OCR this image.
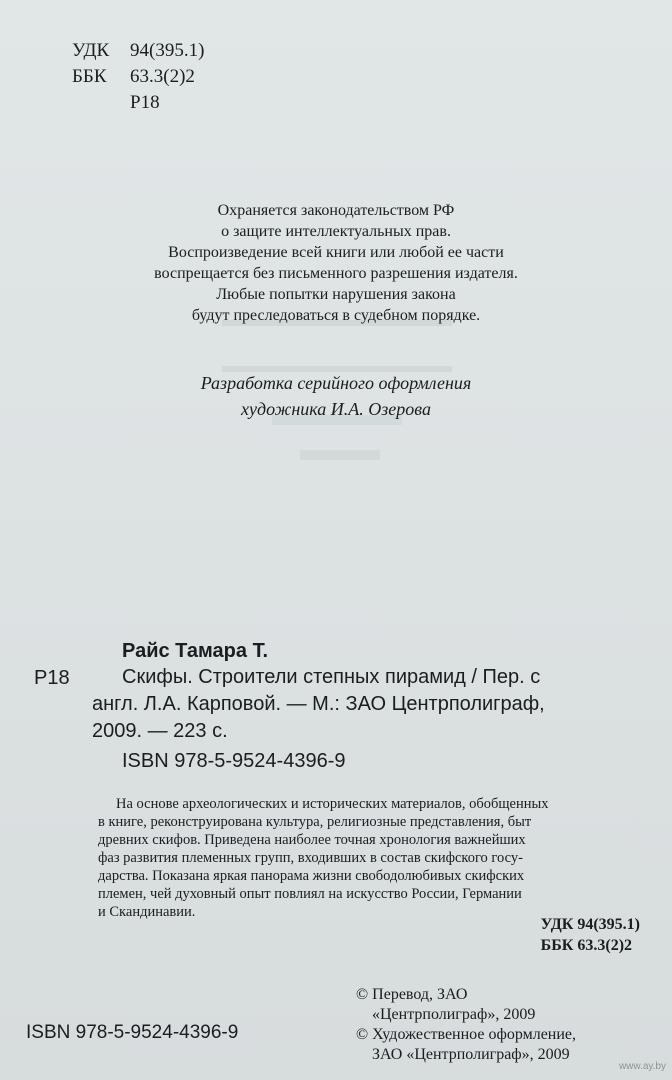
УДК 94(395.1)
ББК 63.3(2)2
Р18
Охраняется законодательством РФ
о защите интеллектуальных прав.
Воспроизведение всей книги или любой ее части
воспрещается без письменного разрешения издателя.
Любые попытки нарушения закона
будут преследоваться в судебном порядке.
Разработка серийного оформления
художника И.А. Озерова
Райс Тамара Т.
Р18	Скифы. Строители степных пирамид / Пер. с
англ. Л.А. Карповой. — М.: ЗАО Центрполиграф,
2009. — 223 с.
ISBN 978-5-9524-4396-9
На основе археологических и исторических материалов, обобщенных
в книге, реконструирована культура, религиозные представления, быт
древних скифов. Приведена наиболее точная хронология важнейших
фаз развития племенных групп, входивших в состав скифского госу-
дарства. Показана яркая панорама жизни свободолюбивых скифских
племен, чей духовный опыт повлиял на искусство России, Германии
и Скандинавии.
УДК 94(395.1)
ББК 63.3(2)2
© Перевод, ЗАО
«Центрполиграф», 2009
© Художественное оформление,
ЗАО «Центрполиграф», 2009
ISBN 978-5-9524-4396-9
www.ay.by
